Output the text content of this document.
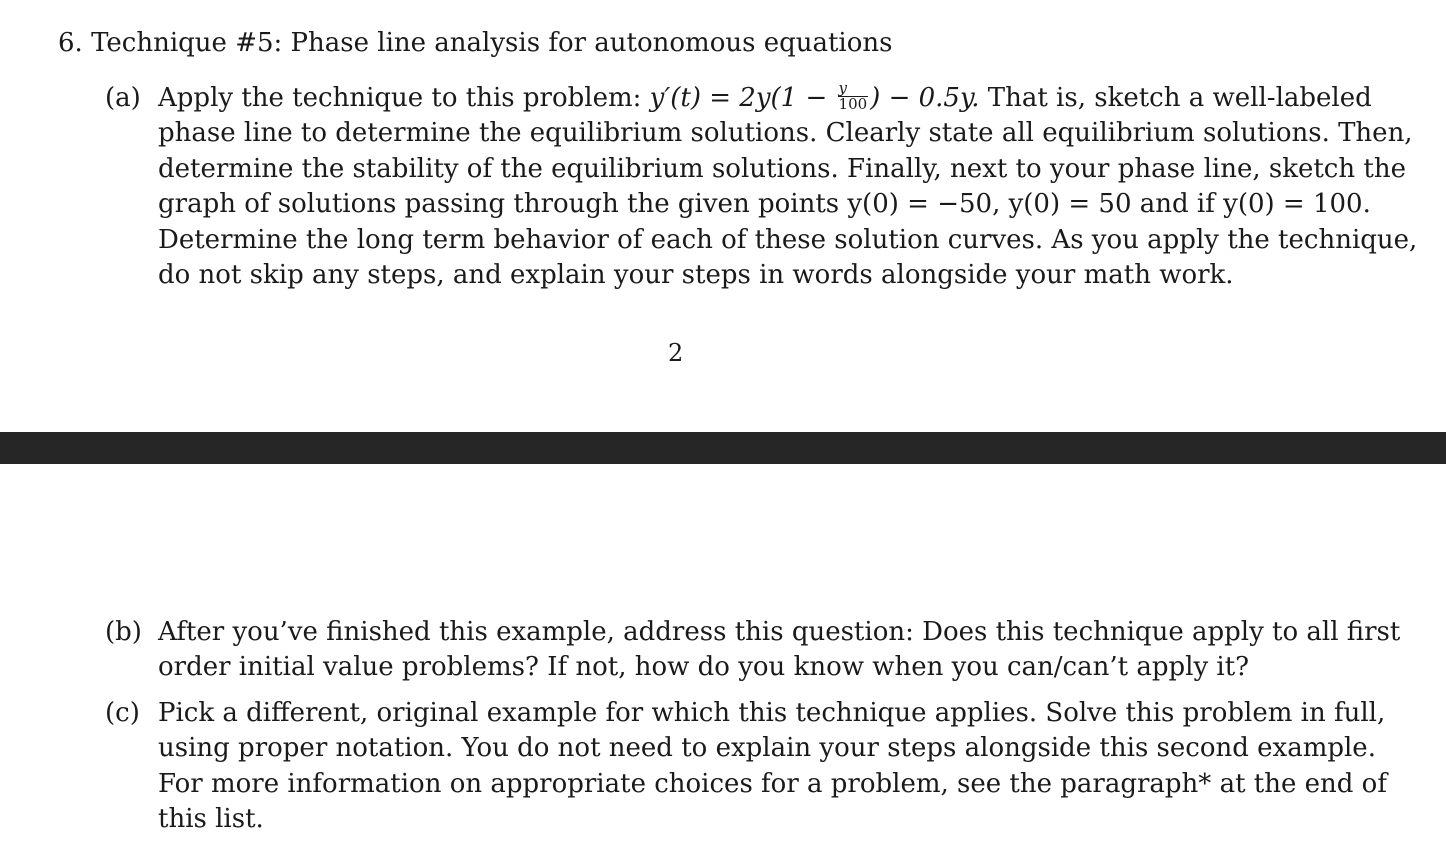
6. Technique #5: Phase line analysis for autonomous equations
(a) Apply the technique to this problem: $y'(t) = 2y(1 - \frac{y}{100}$ ) − 0.5y. That is, sketch a well-labeled
phase line to determine the equilibrium solutions. Clearly state all equilibrium solutions. Then,
determine the stability of the equilibrium solutions. Finally, next to your phase line, sketch the
graph of solutions passing through the given points y(0) = −50, y(0) = 50 and if y(0) = 100.
Determine the long term behavior of each of these solution curves. As you apply the technique,
do not skip any steps, and explain your steps in words alongside your math work.
2
(b) After you’ve finished this example, address this question: Does this technique apply to all first
order initial value problems? If not, how do you know when you can/can’t apply it?
(c) Pick a different, original example for which this technique applies. Solve this problem in full,
using proper notation. You do not need to explain your steps alongside this second example.
For more information on appropriate choices for a problem, see the paragraph* at the end of
this list.
